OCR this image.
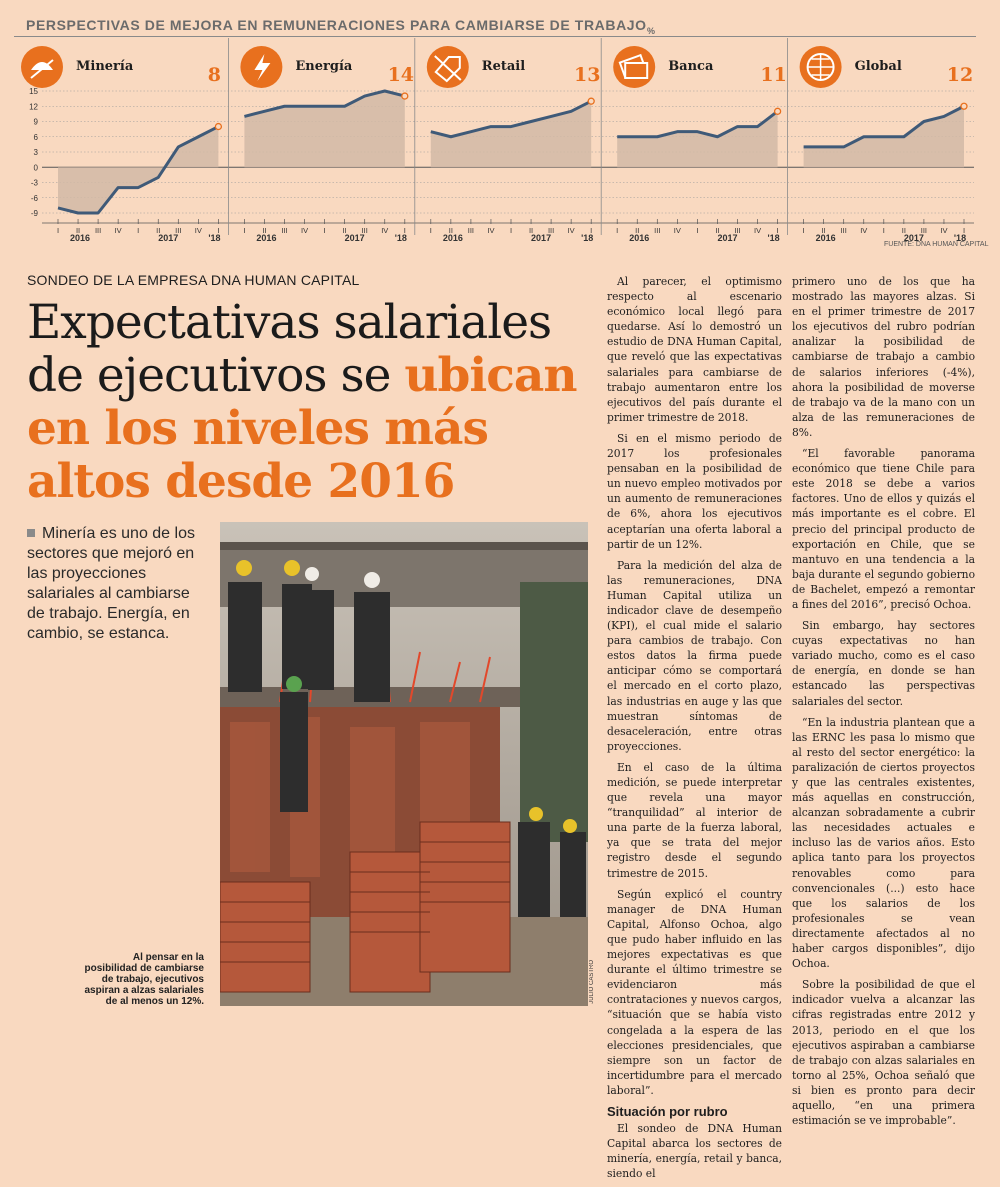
PERSPECTIVAS DE MEJORA EN REMUNERACIONES PARA CAMBIARSE DE TRABAJO %
15
12
9
6
3
0
-3
-6
-9
8
Minería
I II III IV I II III IV I
2016	2017	'18
14
Energía
I II III IV I II III IV I
2016	2017	'18
13
Retail
I II III IV I II III IV I
2016	2017	'18
11
Banca
I II III IV I II III IV I
2016	2017	'18
12
Global
I II III IV I II III IV I
2016	2017	'18
FUENTE: DNA HUMAN CAPITAL
SONDEO DE LA EMPRESA DNA HUMAN CAPITAL
Expectativas salariales de ejecutivos se ubican en los niveles más altos desde 2016
Minería es uno de los sectores que mejoró en las proyecciones salariales al cambiarse de trabajo. Energía, en cambio, se estanca.
JULIO CASTRO
Al pensar en la posibilidad de cambiarse de trabajo, ejecutivos aspiran a alzas salariales de al menos un 12%.

Al parecer, el optimismo respecto al escenario económico local llegó para quedarse. Así lo demostró un estudio de DNA Human Capital, que reveló que las expectativas salariales para cambiarse de trabajo aumentaron entre los ejecutivos del país durante el primer trimestre de 2018.

Si en el mismo periodo de 2017 los profesionales pensaban en la posibilidad de un nuevo empleo motivados por un aumento de remuneraciones de 6%, ahora los ejecutivos aceptarían una oferta laboral a partir de un 12%.

Para la medición del alza de las remuneraciones, DNA Human Capital utiliza un indicador clave de desempeño (KPI), el cual mide el salario para cambios de trabajo. Con estos datos la firma puede anticipar cómo se comportará el mercado en el corto plazo, las industrias en auge y las que muestran síntomas de desaceleración, entre otras proyecciones.

En el caso de la última medición, se puede interpretar que revela una mayor “tranquilidad” al interior de una parte de la fuerza laboral, ya que se trata del mejor registro desde el segundo trimestre de 2015.

Según explicó el country manager de DNA Human Capital, Alfonso Ochoa, algo que pudo haber influido en las mejores expectativas es que durante el último trimestre se evidenciaron más contrataciones y nuevos cargos, “situación que se había visto congelada a la espera de las elecciones presidenciales, que siempre son un factor de incertidumbre para el mercado laboral”.

Situación por rubro

El sondeo de DNA Human Capital abarca los sectores de minería, energía, retail y banca, siendo el

primero uno de los que ha mostrado las mayores alzas. Si en el primer trimestre de 2017 los ejecutivos del rubro podrían analizar la posibilidad de cambiarse de trabajo a cambio de salarios inferiores (-4%), ahora la posibilidad de moverse de trabajo va de la mano con un alza de las remuneraciones de 8%.

“El favorable panorama económico que tiene Chile para este 2018 se debe a varios factores. Uno de ellos y quizás el más importante es el cobre. El precio del principal producto de exportación en Chile, que se mantuvo en una tendencia a la baja durante el segundo gobierno de Bachelet, empezó a remontar a fines del 2016”, precisó Ochoa.

Sin embargo, hay sectores cuyas expectativas no han variado mucho, como es el caso de energía, en donde se han estancado las perspectivas salariales del sector.

“En la industria plantean que a las ERNC les pasa lo mismo que al resto del sector energético: la paralización de ciertos proyectos y que las centrales existentes, más aquellas en construcción, alcanzan sobradamente a cubrir las necesidades actuales e incluso las de varios años. Esto aplica tanto para los proyectos renovables como para convencionales (...) esto hace que los salarios de los profesionales se vean directamente afectados al no haber cargos disponibles”, dijo Ochoa.

Sobre la posibilidad de que el indicador vuelva a alcanzar las cifras registradas entre 2012 y 2013, periodo en el que los ejecutivos aspiraban a cambiarse de trabajo con alzas salariales en torno al 25%, Ochoa señaló que si bien es pronto para decir aquello, “en una primera estimación se ve improbable”.
